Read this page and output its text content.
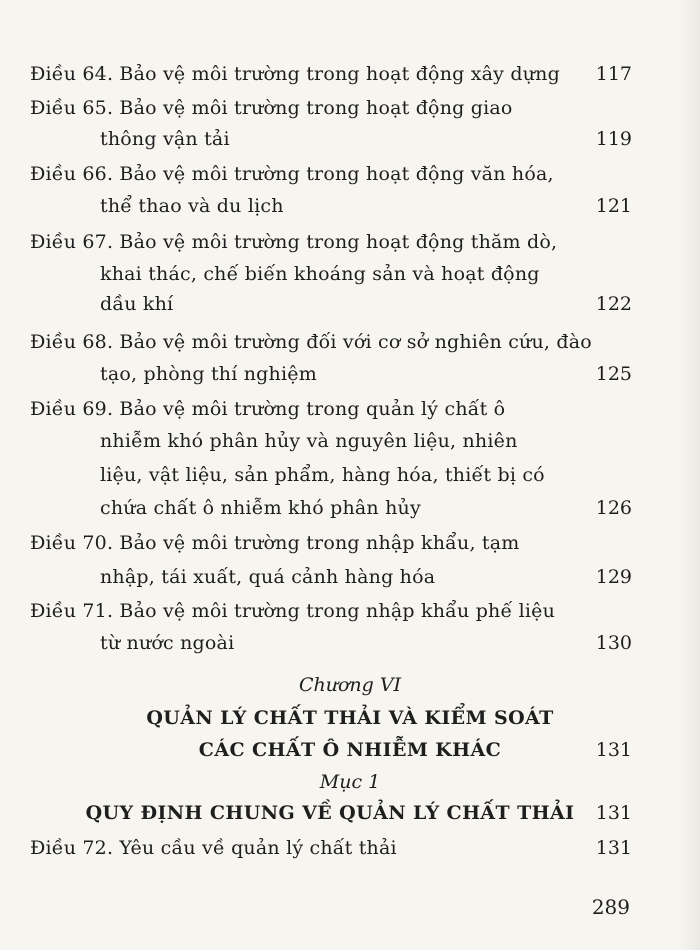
Điều 64. Bảo vệ môi trường trong hoạt động xây dựng 117
Điều 65. Bảo vệ môi trường trong hoạt động giao
thông vận tải	119
Điều 66. Bảo vệ môi trường trong hoạt động văn hóa,
thể thao và du lịch	121
Điều 67. Bảo vệ môi trường trong hoạt động thăm dò,
khai thác, chế biến khoáng sản và hoạt động
dầu khí	122
Điều 68. Bảo vệ môi trường đối với cơ sở nghiên cứu, đào
tạo, phòng thí nghiệm	125
Điều 69. Bảo vệ môi trường trong quản lý chất ô
nhiễm khó phân hủy và nguyên liệu, nhiên
liệu, vật liệu, sản phẩm, hàng hóa, thiết bị có
chứa chất ô nhiễm khó phân hủy	126
Điều 70. Bảo vệ môi trường trong nhập khẩu, tạm
nhập, tái xuất, quá cảnh hàng hóa	129
Điều 71. Bảo vệ môi trường trong nhập khẩu phế liệu
từ nước ngoài	130
Chương VI
QUẢN LÝ CHẤT THẢI VÀ KIỂM SOÁT
CÁC CHẤT Ô NHIỄM KHÁC	131
Mục 1
QUY ĐỊNH CHUNG VỀ QUẢN LÝ CHẤT THẢI	131
Điều 72. Yêu cầu về quản lý chất thải	131
289
